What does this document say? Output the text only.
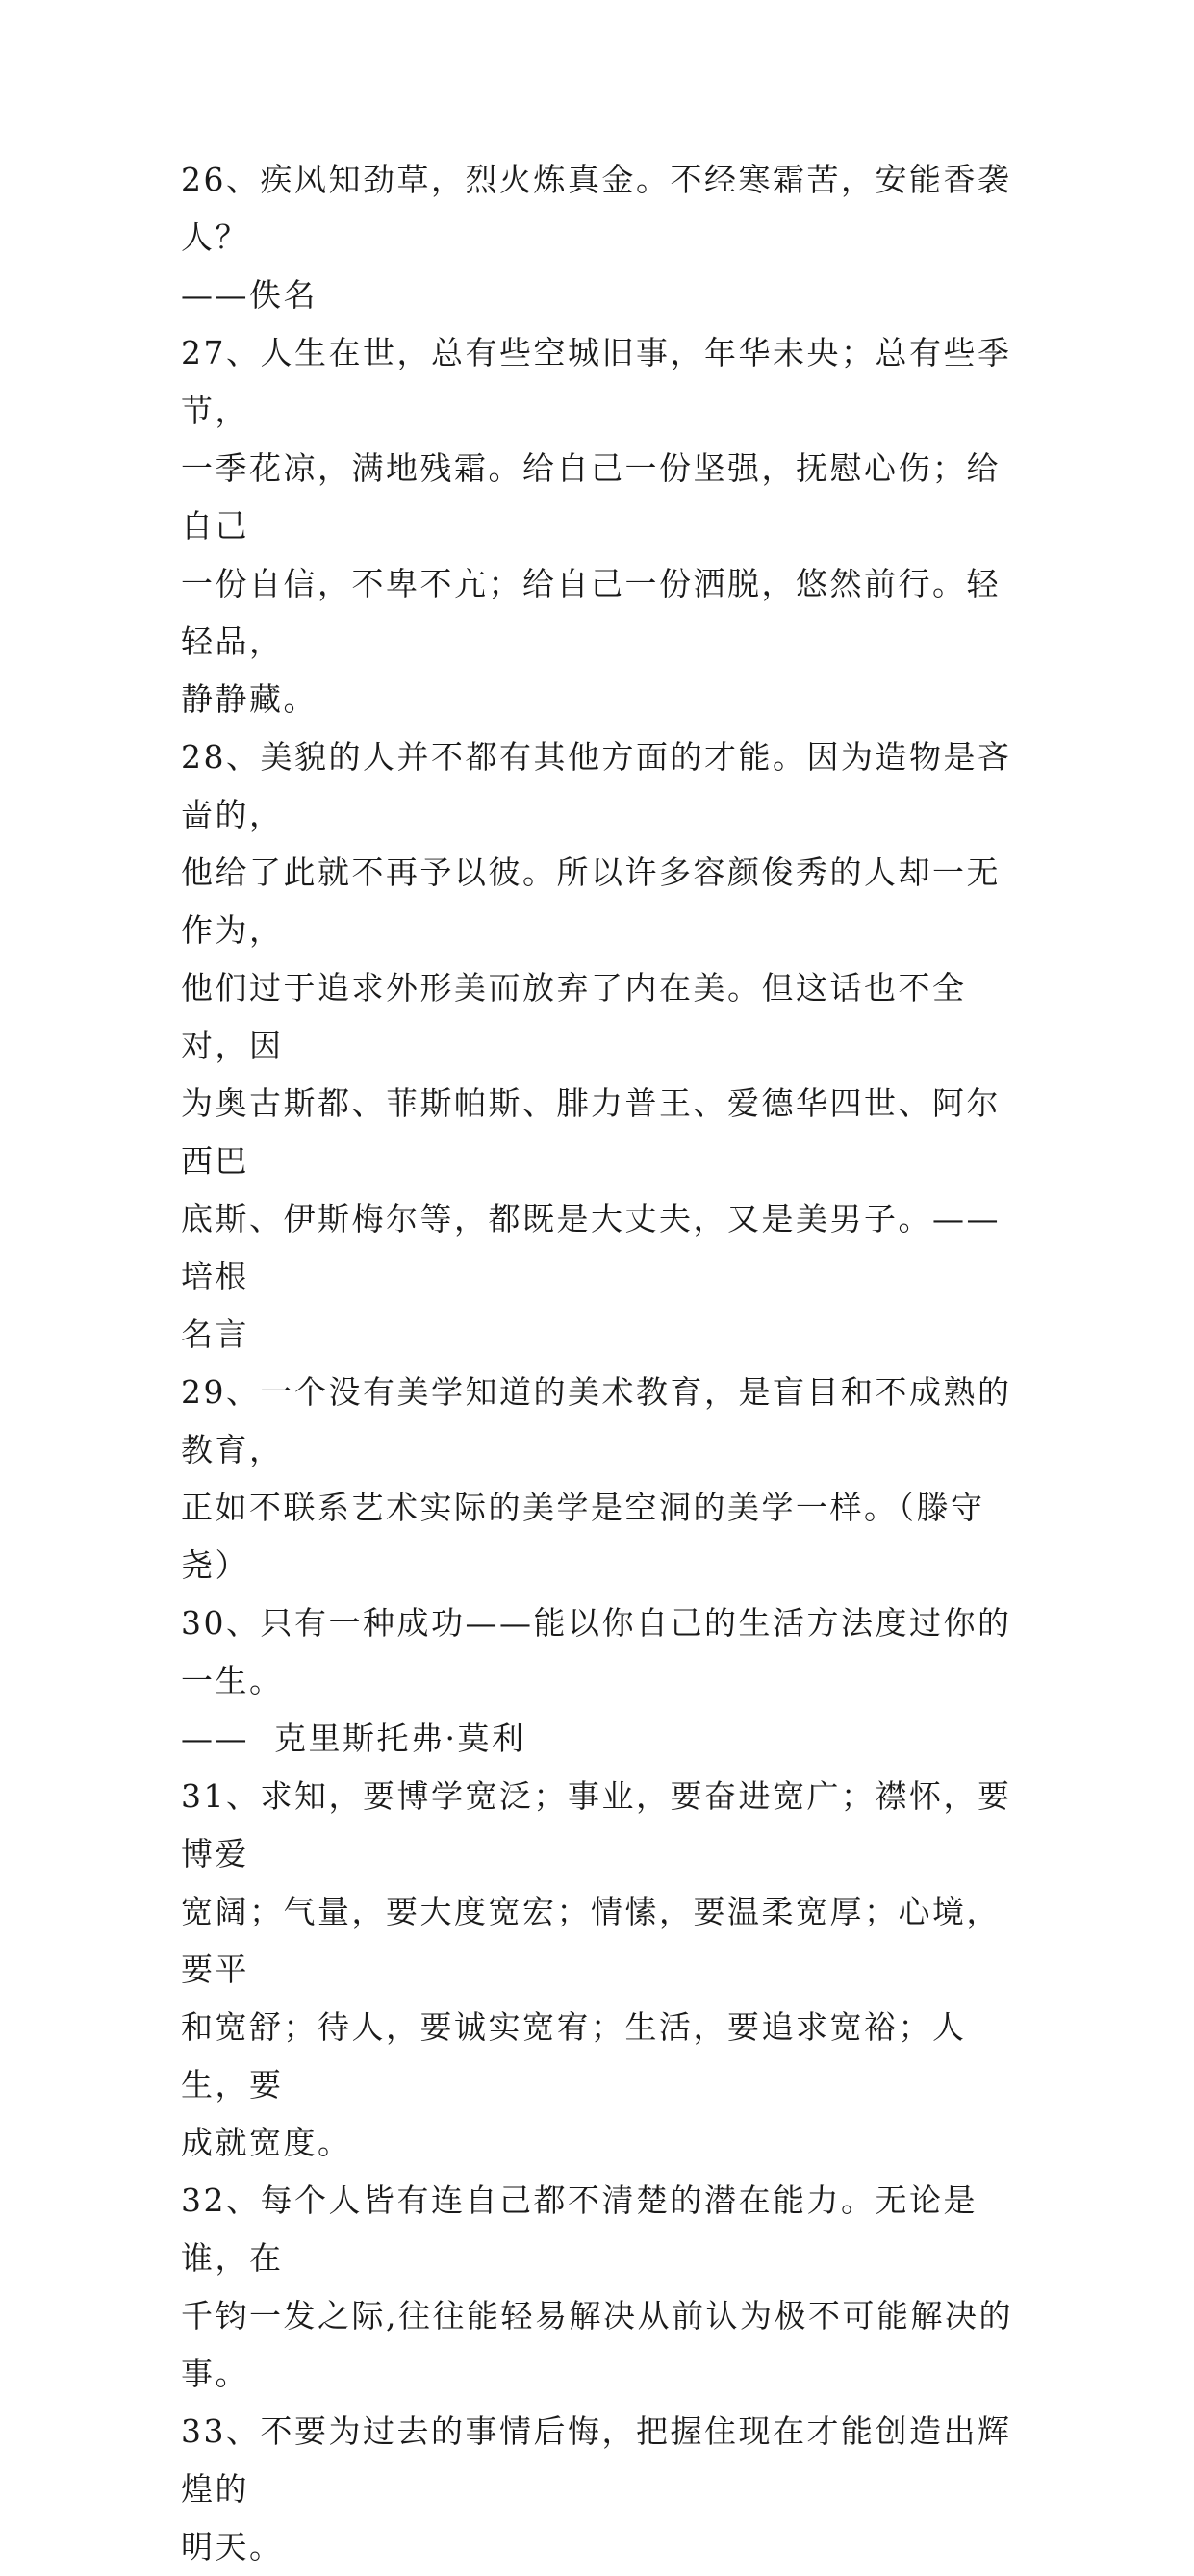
26、疾风知劲草，烈火炼真金。不经寒霜苦，安能香袭人？

——佚名

27、人生在世，总有些空城旧事，年华未央；总有些季节，

一季花凉，满地残霜。给自己一份坚强，抚慰心伤；给自己

一份自信，不卑不亢；给自己一份洒脱，悠然前行。轻轻品，

静静藏。

28、美貌的人并不都有其他方面的才能。因为造物是吝啬的，

他给了此就不再予以彼。所以许多容颜俊秀的人却一无作为，

他们过于追求外形美而放弃了内在美。但这话也不全对，因

为奥古斯都、菲斯帕斯、腓力普王、爱德华四世、阿尔西巴

底斯、伊斯梅尔等，都既是大丈夫，又是美男子。——培根

名言

29、一个没有美学知道的美术教育，是盲目和不成熟的教育，

正如不联系艺术实际的美学是空洞的美学一样。（滕守尧）

30、只有一种成功——能以你自己的生活方法度过你的一生。

——  克里斯托弗·莫利

31、求知，要博学宽泛；事业，要奋进宽广；襟怀，要博爱

宽阔；气量，要大度宽宏；情愫，要温柔宽厚；心境，要平

和宽舒；待人，要诚实宽宥；生活，要追求宽裕；人生，要

成就宽度。

32、每个人皆有连自己都不清楚的潜在能力。无论是谁，在

千钧一发之际,往往能轻易解决从前认为极不可能解决的事。

33、不要为过去的事情后悔，把握住现在才能创造出辉煌的

明天。
